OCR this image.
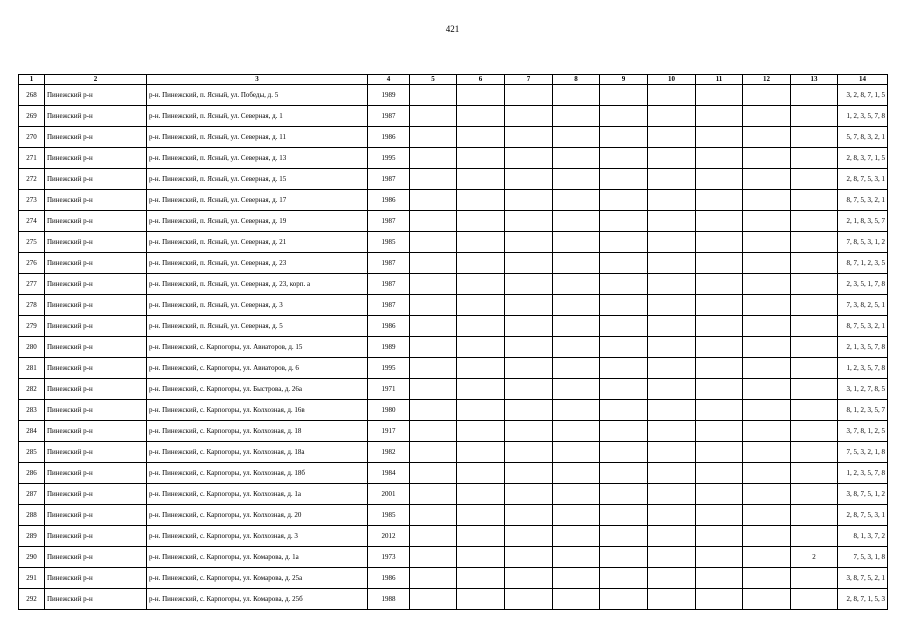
421
1	2	3	4	5	6	7	8	9	10	11	12	13	14
268	Пинежский р-н	р-н. Пинежский, п. Ясный, ул. Победы, д. 5	1989										3, 2, 8, 7, 1, 5
269	Пинежский р-н	р-н. Пинежский, п. Ясный, ул. Северная, д. 1	1987										1, 2, 3, 5, 7, 8
270	Пинежский р-н	р-н. Пинежский, п. Ясный, ул. Северная, д. 11	1986										5, 7, 8, 3, 2, 1
271	Пинежский р-н	р-н. Пинежский, п. Ясный, ул. Северная, д. 13	1995										2, 8, 3, 7, 1, 5
272	Пинежский р-н	р-н. Пинежский, п. Ясный, ул. Северная, д. 15	1987										2, 8, 7, 5, 3, 1
273	Пинежский р-н	р-н. Пинежский, п. Ясный, ул. Северная, д. 17	1986										8, 7, 5, 3, 2, 1
274	Пинежский р-н	р-н. Пинежский, п. Ясный, ул. Северная, д. 19	1987										2, 1, 8, 3, 5, 7
275	Пинежский р-н	р-н. Пинежский, п. Ясный, ул. Северная, д. 21	1985										7, 8, 5, 3, 1, 2
276	Пинежский р-н	р-н. Пинежский, п. Ясный, ул. Северная, д. 23	1987										8, 7, 1, 2, 3, 5
277	Пинежский р-н	р-н. Пинежский, п. Ясный, ул. Северная, д. 23, корп. а	1987										2, 3, 5, 1, 7, 8
278	Пинежский р-н	р-н. Пинежский, п. Ясный, ул. Северная, д. 3	1987										7, 3, 8, 2, 5, 1
279	Пинежский р-н	р-н. Пинежский, п. Ясный, ул. Северная, д. 5	1986										8, 7, 5, 3, 2, 1
280	Пинежский р-н	р-н. Пинежский, с. Карпогоры, ул. Авиаторов, д. 15	1989										2, 1, 3, 5, 7, 8
281	Пинежский р-н	р-н. Пинежский, с. Карпогоры, ул. Авиаторов, д. 6	1995										1, 2, 3, 5, 7, 8
282	Пинежский р-н	р-н. Пинежский, с. Карпогоры, ул. Быстрова, д. 26а	1971										3, 1, 2, 7, 8, 5
283	Пинежский р-н	р-н. Пинежский, с. Карпогоры, ул. Колхозная, д. 16в	1980										8, 1, 2, 3, 5, 7
284	Пинежский р-н	р-н. Пинежский, с. Карпогоры, ул. Колхозная, д. 18	1917										3, 7, 8, 1, 2, 5
285	Пинежский р-н	р-н. Пинежский, с. Карпогоры, ул. Колхозная, д. 18а	1982										7, 5, 3, 2, 1, 8
286	Пинежский р-н	р-н. Пинежский, с. Карпогоры, ул. Колхозная, д. 18б	1984										1, 2, 3, 5, 7, 8
287	Пинежский р-н	р-н. Пинежский, с. Карпогоры, ул. Колхозная, д. 1а	2001										3, 8, 7, 5, 1, 2
288	Пинежский р-н	р-н. Пинежский, с. Карпогоры, ул. Колхозная, д. 20	1985										2, 8, 7, 5, 3, 1
289	Пинежский р-н	р-н. Пинежский, с. Карпогоры, ул. Колхозная, д. 3	2012										8, 1, 3, 7, 2
290	Пинежский р-н	р-н. Пинежский, с. Карпогоры, ул. Комарова, д. 1а	1973									2	7, 5, 3, 1, 8
291	Пинежский р-н	р-н. Пинежский, с. Карпогоры, ул. Комарова, д. 25а	1986										3, 8, 7, 5, 2, 1
292	Пинежский р-н	р-н. Пинежский, с. Карпогоры, ул. Комарова, д. 25б	1988										2, 8, 7, 1, 5, 3
